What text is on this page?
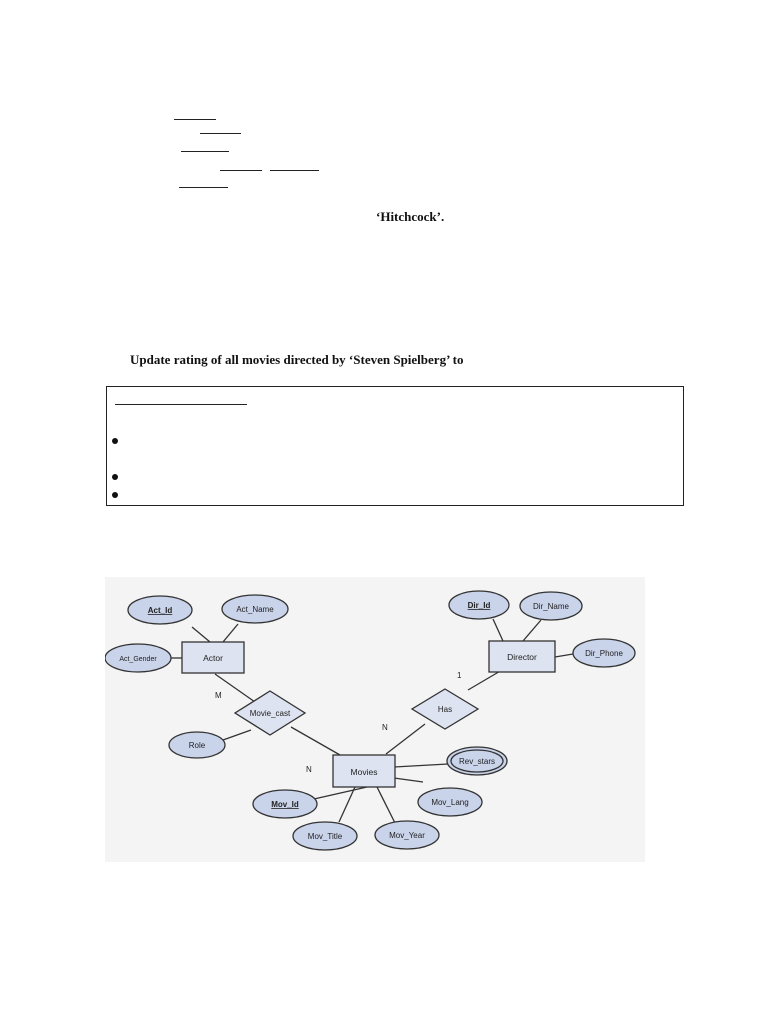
‘Hitchcock’.
Update rating of all movies directed by ‘Steven Spielberg’ to
Movie_cast	Has
Actor	Director
Movies
Act_Id	Act_Name
Act_Gender
Dir_Id	Dir_Name
Dir_Phone
Role
Rev_stars
Mov_Id	Mov_Lang
Mov_Title	Mov_Year
M
N
N
1
